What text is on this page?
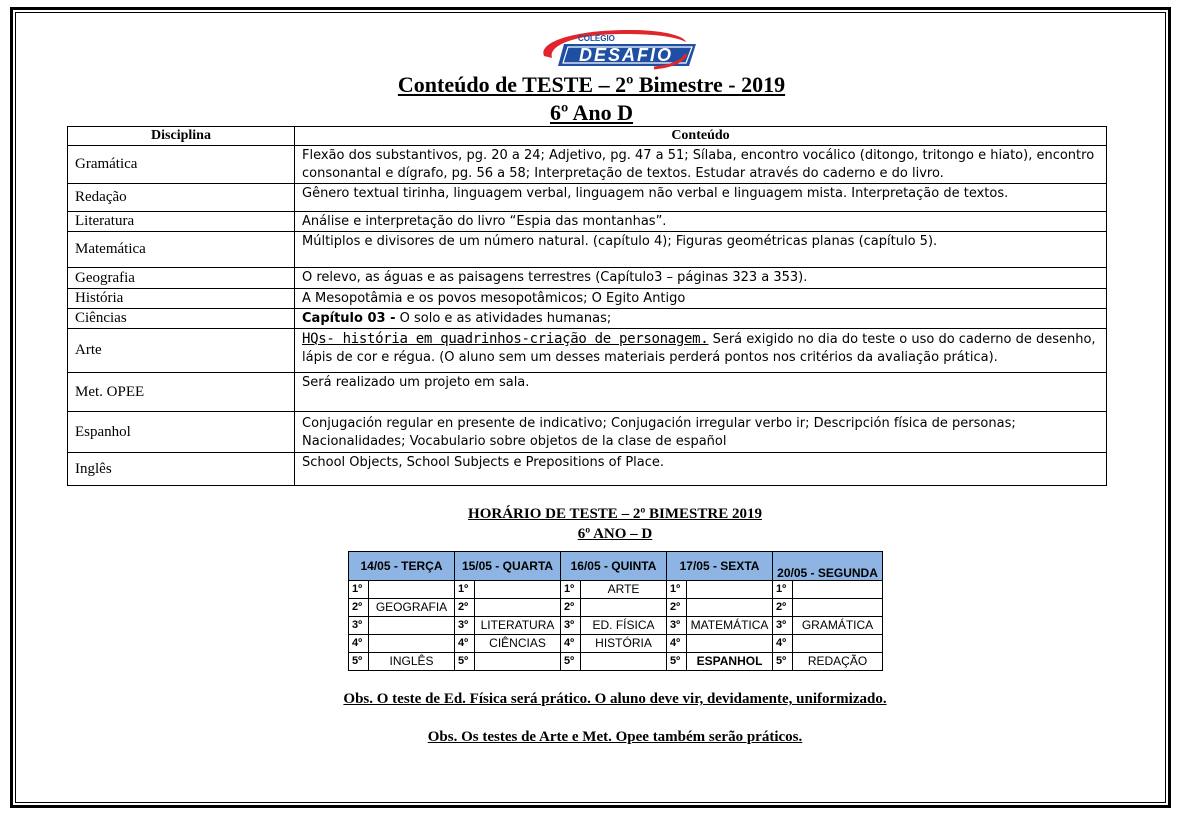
COLÉGIO
DESAFIO
Conteúdo de TESTE – 2º Bimestre - 2019
6º Ano D
Disciplina	Conteúdo
Gramática	Flexão dos substantivos, pg. 20 a 24; Adjetivo, pg. 47 a 51; Sílaba, encontro vocálico (ditongo, tritongo e hiato), encontro consonantal e dígrafo, pg. 56 a 58; Interpretação de textos. Estudar através do caderno e do livro.
Redação	Gênero textual tirinha, linguagem verbal, linguagem não verbal e linguagem mista. Interpretação de textos.
Literatura	Análise e interpretação do livro “Espia das montanhas”.
Matemática	Múltiplos e divisores de um número natural. (capítulo 4); Figuras geométricas planas (capítulo 5).
Geografia	O relevo, as águas e as paisagens terrestres (Capítulo3 – páginas 323 a 353).
História	A Mesopotâmia e os povos mesopotâmicos; O Egito Antigo
Ciências	Capítulo 03 - O solo e as atividades humanas;
Arte	HQs- história em quadrinhos-criação de personagem. Será exigido no dia do teste o uso do caderno de desenho, lápis de cor e régua. (O aluno sem um desses materiais perderá pontos nos critérios da avaliação prática).
Met. OPEE	Será realizado um projeto em sala.
Espanhol	Conjugación regular en presente de indicativo; Conjugación irregular verbo ir; Descripción física de personas; Nacionalidades; Vocabulario sobre objetos de la clase de español
Inglês	School Objects, School Subjects e Prepositions of Place.
HORÁRIO DE TESTE – 2º BIMESTRE 2019
6º ANO – D
14/05 - TERÇA		15/05 - QUARTA		16/05 - QUINTA		17/05 - SEXTA		20/05 - SEGUNDA	
1º		1º		1º	ARTE	1º		1º	
2º	GEOGRAFIA	2º		2º		2º		2º	
3º		3º	LITERATURA	3º	ED. FÍSICA	3º	MATEMÁTICA	3º	GRAMÁTICA
4º		4º	CIÊNCIAS	4º	HISTÓRIA	4º		4º	
5º	INGLÊS	5º		5º		5º	ESPANHOL	5º	REDAÇÃO
Obs. O teste de Ed. Física será prático. O aluno deve vir, devidamente, uniformizado.
Obs. Os testes de Arte e Met. Opee também serão práticos.
